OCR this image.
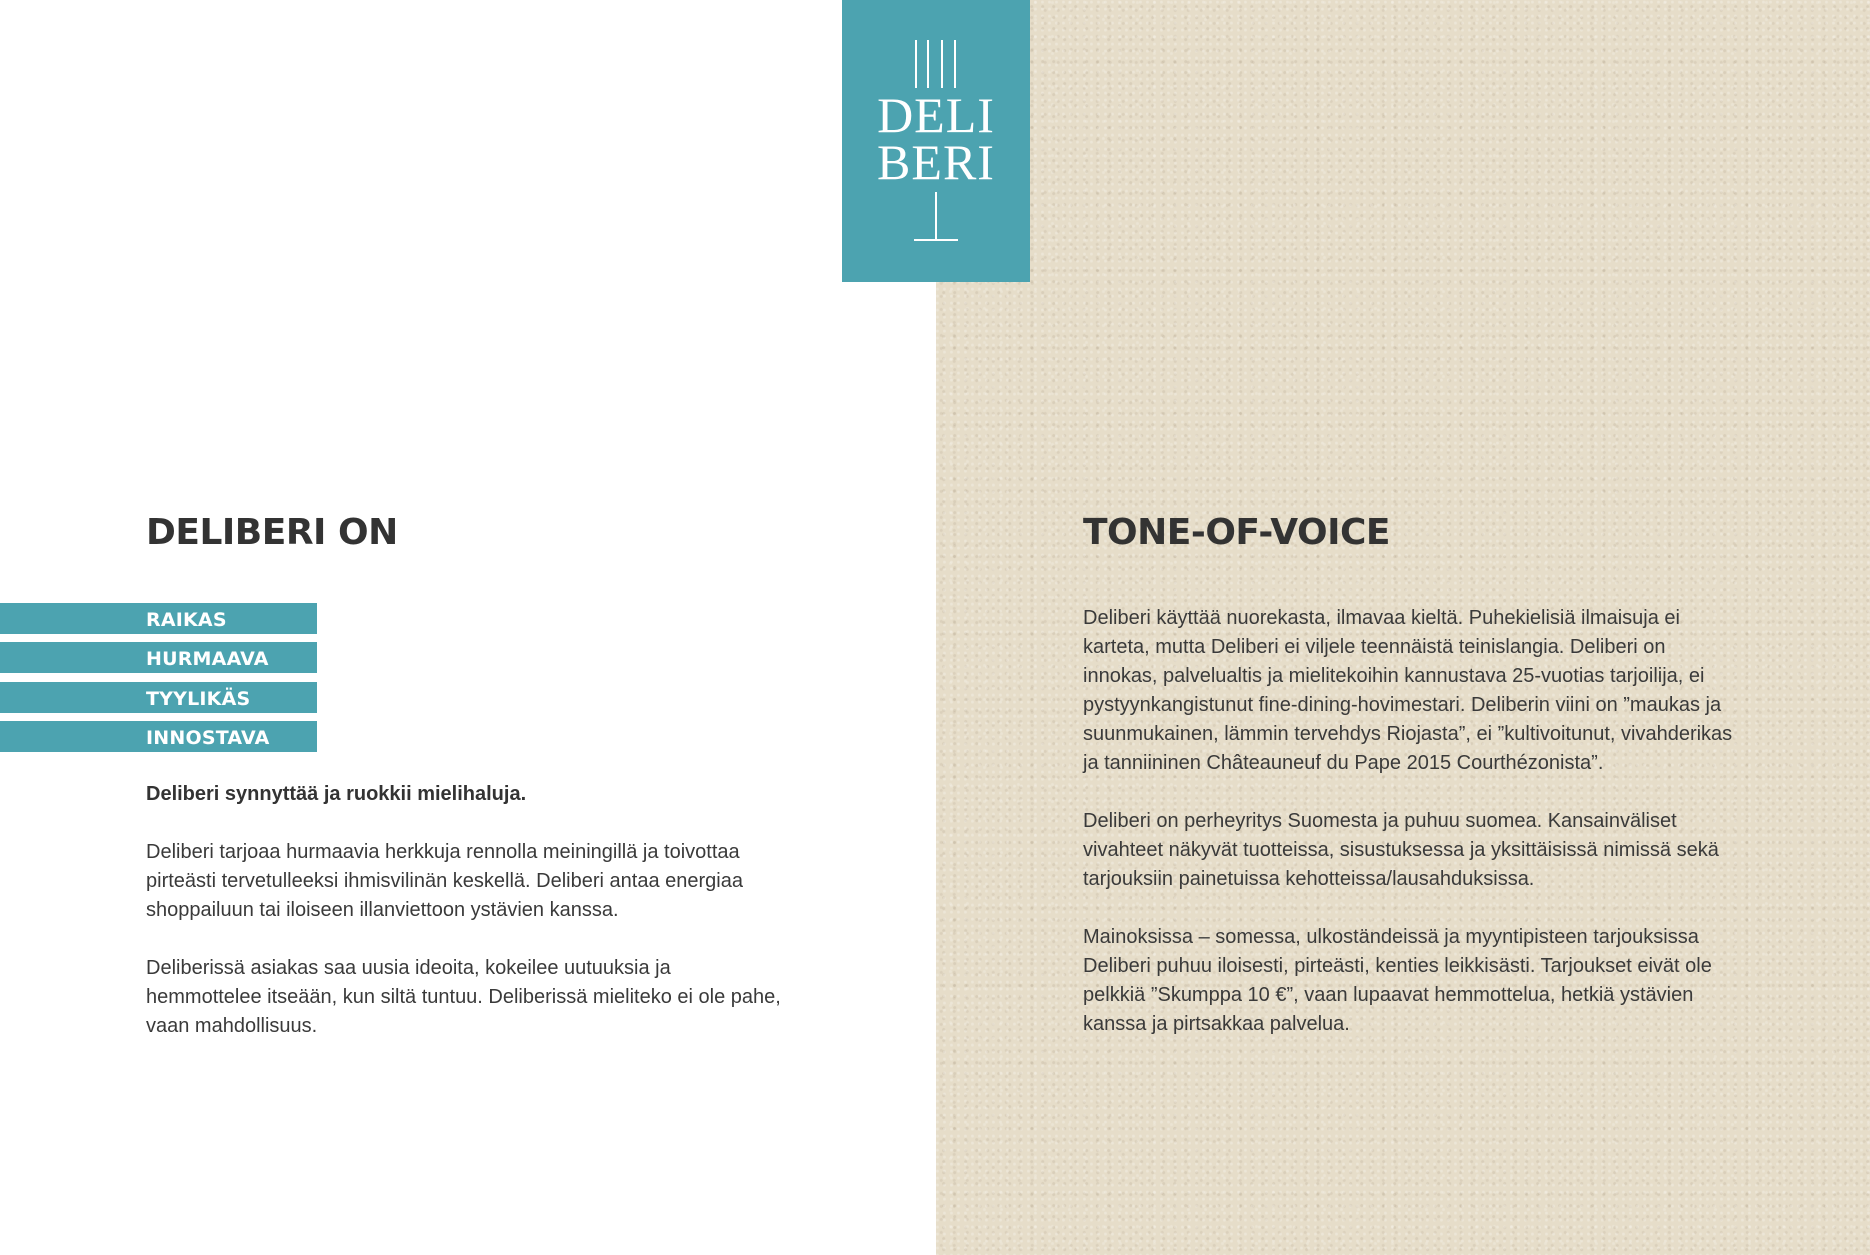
DELI
BERI
DELIBERI ON
RAIKAS
HURMAAVA
TYYLIKÄS
INNOSTAVA

Deliberi synnyttää ja ruokkii mielihaluja.

Deliberi tarjoaa hurmaavia herkkuja rennolla meiningillä ja toivottaa pirteästi tervetulleeksi ihmisvilinän keskellä. Deliberi antaa energiaa shoppailuun tai iloiseen illanviettoon ystävien kanssa.

Deliberissä asiakas saa uusia ideoita, kokeilee uutuuksia ja hemmottelee itseään, kun siltä tuntuu. Deliberissä mieliteko ei ole pahe, vaan mahdollisuus.

TONE-OF-VOICE

Deliberi käyttää nuorekasta, ilmavaa kieltä. Puhekielisiä ilmaisuja ei karteta, mutta Deliberi ei viljele teennäistä teinislangia. Deliberi on innokas, palvelualtis ja mielitekoihin kannustava 25-vuotias tarjoilija, ei pystyynkangistunut fine-dining-hovimestari. Deliberin viini on ”maukas ja suunmukainen, lämmin tervehdys Riojasta”, ei ”kultivoitunut, vivahderikas ja tanniininen Châteauneuf du Pape 2015 Courthézonista”.

Deliberi on perheyritys Suomesta ja puhuu suomea. Kansainväliset vivahteet näkyvät tuotteissa, sisustuksessa ja yksittäisissä nimissä sekä tarjouksiin painetuissa kehotteissa/lausahduksissa.

Mainoksissa – somessa, ulkoständeissä ja myyntipisteen tarjouksissa Deliberi puhuu iloisesti, pirteästi, kenties leikkisästi. Tarjoukset eivät ole pelkkiä ”Skumppa 10 €”, vaan lupaavat hemmottelua, hetkiä ystävien kanssa ja pirtsakkaa palvelua.
